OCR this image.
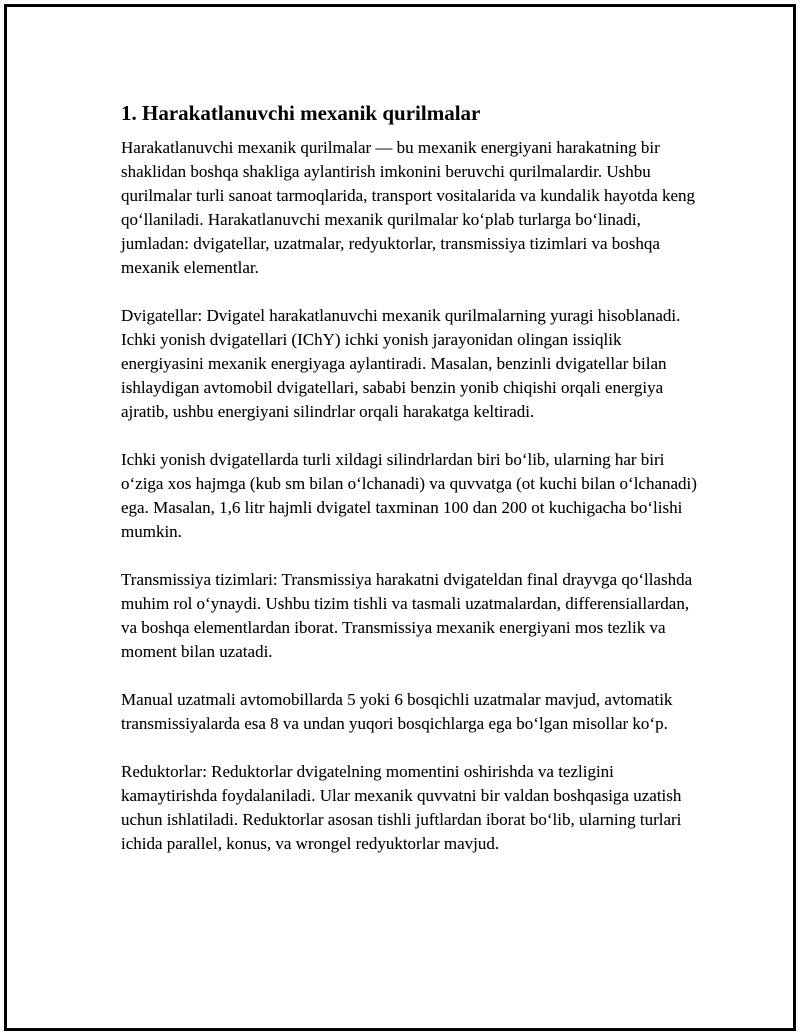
1. Harakatlanuvchi mexanik qurilmalar

Harakatlanuvchi mexanik qurilmalar — bu mexanik energiyani harakatning bir shaklidan boshqa shakliga aylantirish imkonini beruvchi qurilmalardir. Ushbu qurilmalar turli sanoat tarmoqlarida, transport vositalarida va kundalik hayotda keng qo‘llaniladi. Harakatlanuvchi mexanik qurilmalar ko‘plab turlarga bo‘linadi, jumladan: dvigatellar, uzatmalar, redyuktorlar, transmissiya tizimlari va boshqa mexanik elementlar.

Dvigatellar: Dvigatel harakatlanuvchi mexanik qurilmalarning yuragi hisoblanadi. Ichki yonish dvigatellari (IChY) ichki yonish jarayonidan olingan issiqlik energiyasini mexanik energiyaga aylantiradi. Masalan, benzinli dvigatellar bilan ishlaydigan avtomobil dvigatellari, sababi benzin yonib chiqishi orqali energiya ajratib, ushbu energiyani silindrlar orqali harakatga keltiradi.

Ichki yonish dvigatellarda turli xildagi silindrlardan biri bo‘lib, ularning har biri o‘ziga xos hajmga (kub sm bilan o‘lchanadi) va quvvatga (ot kuchi bilan o‘lchanadi) ega. Masalan, 1,6 litr hajmli dvigatel taxminan 100 dan 200 ot kuchigacha bo‘lishi mumkin.

Transmissiya tizimlari: Transmissiya harakatni dvigateldan final drayvga qo‘llashda muhim rol o‘ynaydi. Ushbu tizim tishli va tasmali uzatmalardan, differensiallardan, va boshqa elementlardan iborat. Transmissiya mexanik energiyani mos tezlik va moment bilan uzatadi.

Manual uzatmali avtomobillarda 5 yoki 6 bosqichli uzatmalar mavjud, avtomatik transmissiyalarda esa 8 va undan yuqori bosqichlarga ega bo‘lgan misollar ko‘p.

Reduktorlar: Reduktorlar dvigatelning momentini oshirishda va tezligini kamaytirishda foydalaniladi. Ular mexanik quvvatni bir valdan boshqasiga uzatish uchun ishlatiladi. Reduktorlar asosan tishli juftlardan iborat bo‘lib, ularning turlari ichida parallel, konus, va wrongel redyuktorlar mavjud.
